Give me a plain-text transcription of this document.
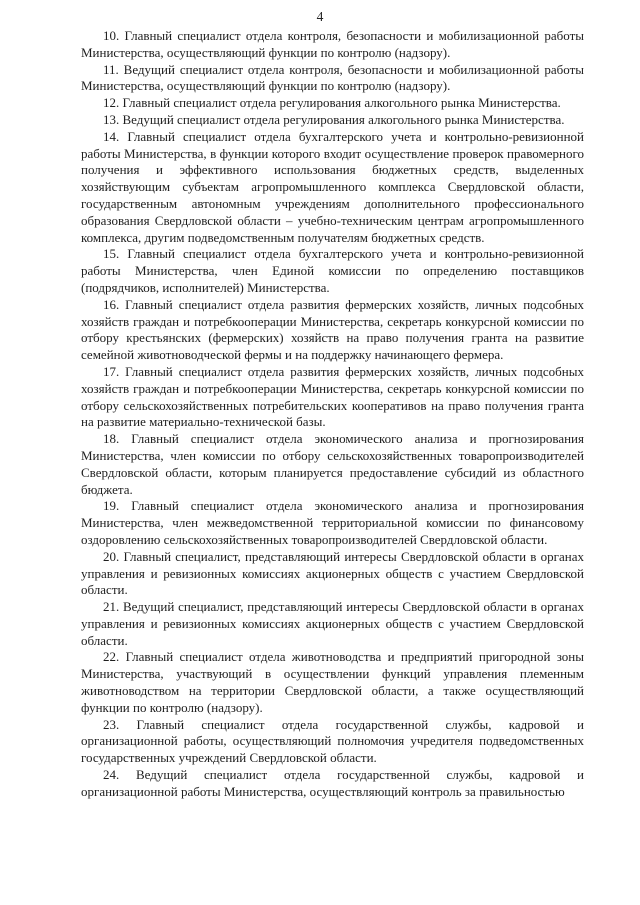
4

10. Главный специалист отдела контроля, безопасности и мобилизационной работы Министерства, осуществляющий функции по контролю (надзору).

11. Ведущий специалист отдела контроля, безопасности и мобилизационной работы Министерства, осуществляющий функции по контролю (надзору).

12. Главный специалист отдела регулирования алкогольного рынка Министерства.

13. Ведущий специалист отдела регулирования алкогольного рынка Министерства.

14. Главный специалист отдела бухгалтерского учета и контрольно-ревизионной работы Министерства, в функции которого входит осуществление проверок правомерного получения и эффективного использования бюджетных средств, выделенных хозяйствующим субъектам агропромышленного комплекса Свердловской области, государственным автономным учреждениям дополнительного профессионального образования Свердловской области – учебно-техническим центрам агропромышленного комплекса, другим подведомственным получателям бюджетных средств.

15. Главный специалист отдела бухгалтерского учета и контрольно-ревизионной работы Министерства, член Единой комиссии по определению поставщиков (подрядчиков, исполнителей) Министерства.

16. Главный специалист отдела развития фермерских хозяйств, личных подсобных хозяйств граждан и потребкооперации Министерства, секретарь конкурсной комиссии по отбору крестьянских (фермерских) хозяйств на право получения гранта на развитие семейной животноводческой фермы и на поддержку начинающего фермера.

17. Главный специалист отдела развития фермерских хозяйств, личных подсобных хозяйств граждан и потребкооперации Министерства, секретарь конкурсной комиссии по отбору сельскохозяйственных потребительских кооперативов на право получения гранта на развитие материально-технической базы.

18. Главный специалист отдела экономического анализа и прогнозирования Министерства, член комиссии по отбору сельскохозяйственных товаропроизводителей Свердловской области, которым планируется предоставление субсидий из областного бюджета.

19. Главный специалист отдела экономического анализа и прогнозирования Министерства, член межведомственной территориальной комиссии по финансовому оздоровлению сельскохозяйственных товаропроизводителей Свердловской области.

20. Главный специалист, представляющий интересы Свердловской области в органах управления и ревизионных комиссиях акционерных обществ с участием Свердловской области.

21. Ведущий специалист, представляющий интересы Свердловской области в органах управления и ревизионных комиссиях акционерных обществ с участием Свердловской области.

22. Главный специалист отдела животноводства и предприятий пригородной зоны Министерства, участвующий в осуществлении функций управления племенным животноводством на территории Свердловской области, а также осуществляющий функции по контролю (надзору).

23. Главный специалист отдела государственной службы, кадровой и организационной работы, осуществляющий полномочия учредителя подведомственных государственных учреждений Свердловской области.

24. Ведущий специалист отдела государственной службы, кадровой и организационной работы Министерства, осуществляющий контроль за правильностью
